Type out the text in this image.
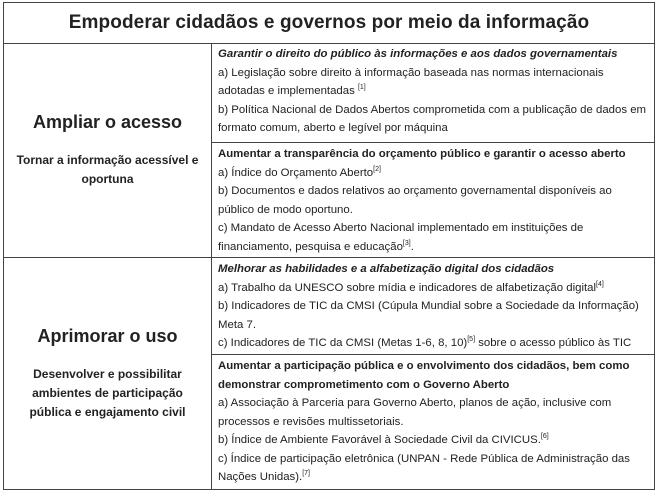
Empoderar cidadãos e governos por meio da informação
Ampliar o acesso
Tornar a informação acessível e oportuna

Garantir o direito do público às informações e aos dados governamentais

a) Legislação sobre direito à informação baseada nas normas internacionais adotadas e implementadas [1]

b) Política Nacional de Dados Abertos comprometida com a publicação de dados em formato comum, aberto e legível por máquina

Aumentar a transparência do orçamento público e garantir o acesso aberto

a) Índice do Orçamento Aberto[2]

b) Documentos e dados relativos ao orçamento governamental disponíveis ao público de modo oportuno.

c) Mandato de Acesso Aberto Nacional implementado em instituições de financiamento, pesquisa e educação[3].

Aprimorar o uso
Desenvolver e possibilitar ambientes de participação pública e engajamento civil

Melhorar as habilidades e a alfabetização digital dos cidadãos

a) Trabalho da UNESCO sobre mídia e indicadores de alfabetização digital[4]

b) Indicadores de TIC da CMSI (Cúpula Mundial sobre a Sociedade da Informação) Meta 7.

c) Indicadores de TIC da CMSI (Metas 1-6, 8, 10)[5] sobre o acesso público às TIC

Aumentar a participação pública e o envolvimento dos cidadãos, bem como demonstrar comprometimento com o Governo Aberto

a) Associação à Parceria para Governo Aberto, planos de ação, inclusive com processos e revisões multissetoriais.

b) Índice de Ambiente Favorável à Sociedade Civil da CIVICUS.[6]

c) Índice de participação eletrônica (UNPAN - Rede Pública de Administração das Nações Unidas).[7]
